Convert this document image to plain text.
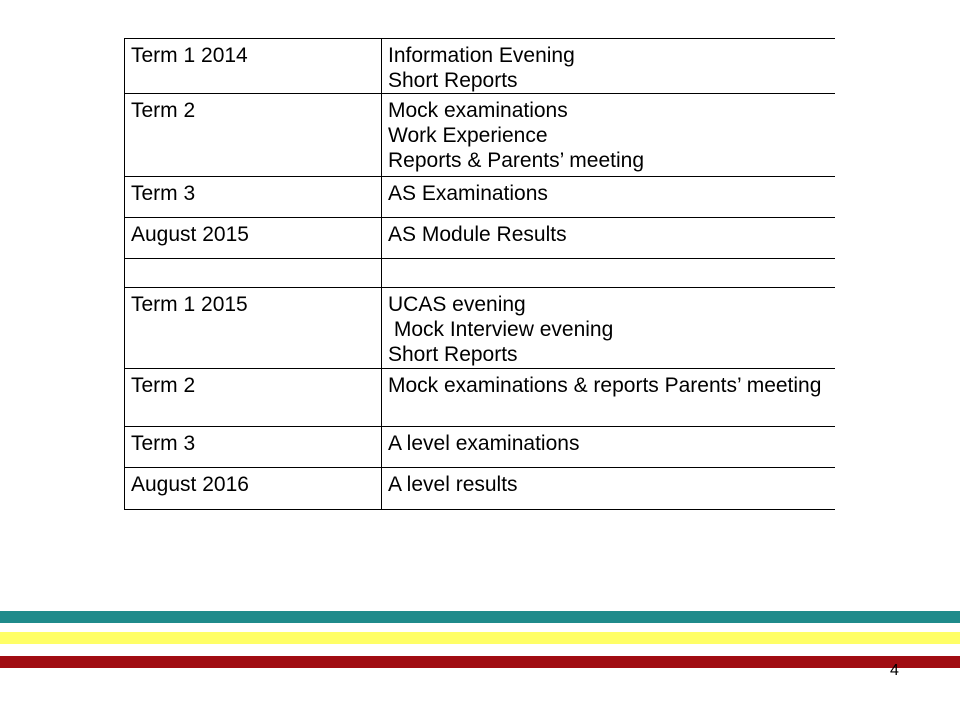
Term 1 2014	Information Evening
Short Reports

Term 2	Mock examinations
Work Experience
Reports & Parents’ meeting

Term 3	AS Examinations

August 2015	AS Module Results

Term 1 2015	UCAS evening
Mock Interview evening
Short Reports

Term 2	Mock examinations & reports Parents’ meeting

Term 3	A level examinations

August 2016	A level results
4
